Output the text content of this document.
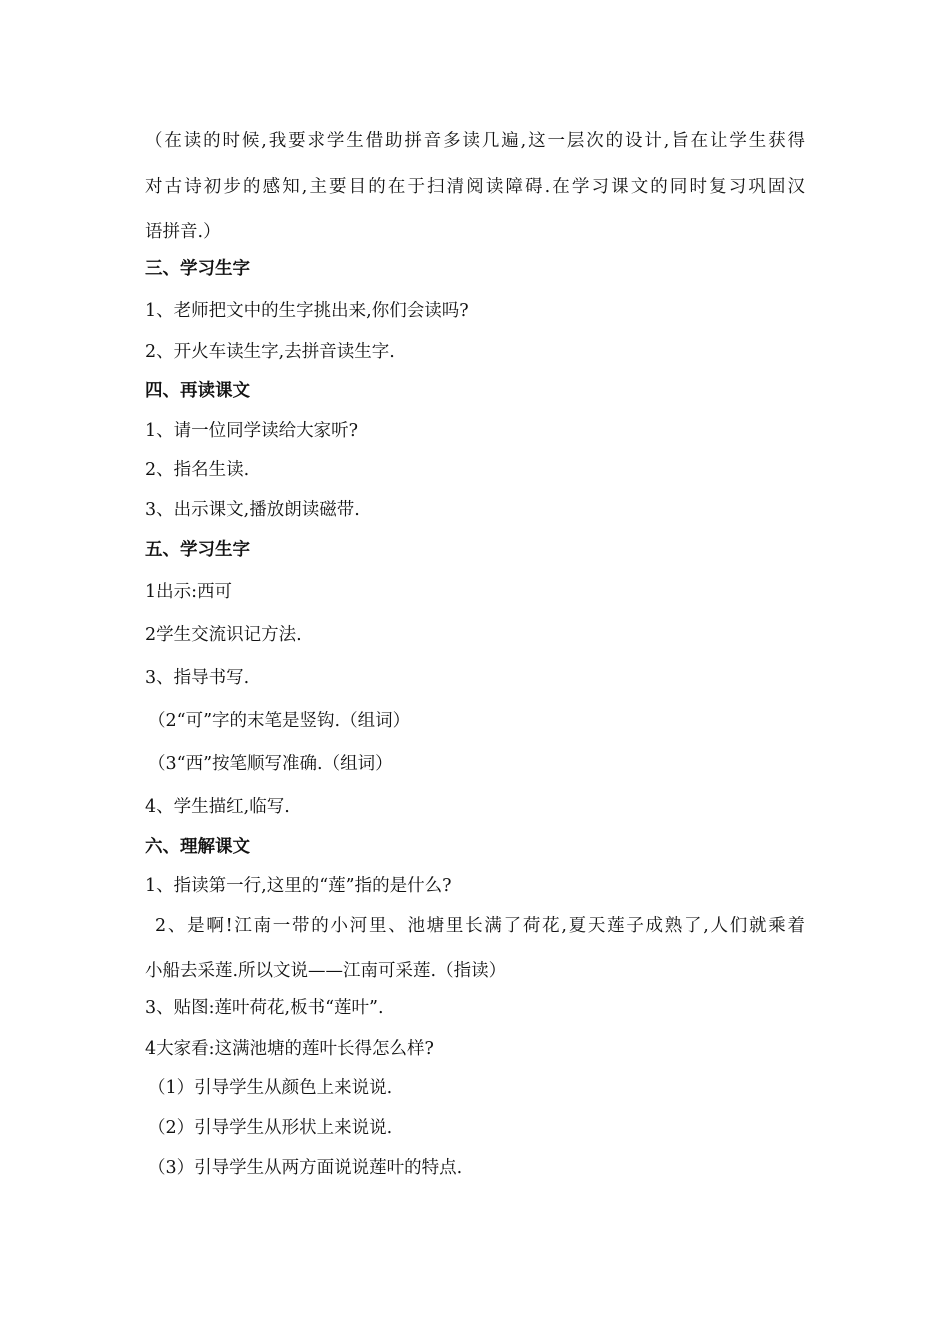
（在读的时候,我要求学生借助拼音多读几遍,这一层次的设计,旨在让学生获得
对古诗初步的感知,主要目的在于扫清阅读障碍.在学习课文的同时复习巩固汉
语拼音.）
三、学习生字
1、老师把文中的生字挑出来,你们会读吗?
2、开火车读生字,去拼音读生字.
四、再读课文
1、请一位同学读给大家听?
2、指名生读.
3、出示课文,播放朗读磁带.
五、学习生字
1出示:西可
2学生交流识记方法.
3、指导书写.
（2“可”字的末笔是竖钩.（组词）
（3“西”按笔顺写准确.（组词）
4、学生描红,临写.
六、理解课文
1、指读第一行,这里的“莲”指的是什么?
2、是啊!江南一带的小河里、池塘里长满了荷花,夏天莲子成熟了,人们就乘着
小船去采莲.所以文说——江南可采莲.（指读）
3、贴图:莲叶荷花,板书“莲叶”.
4大家看:这满池塘的莲叶长得怎么样?
（1）引导学生从颜色上来说说.
（2）引导学生从形状上来说说.
（3）引导学生从两方面说说莲叶的特点.
